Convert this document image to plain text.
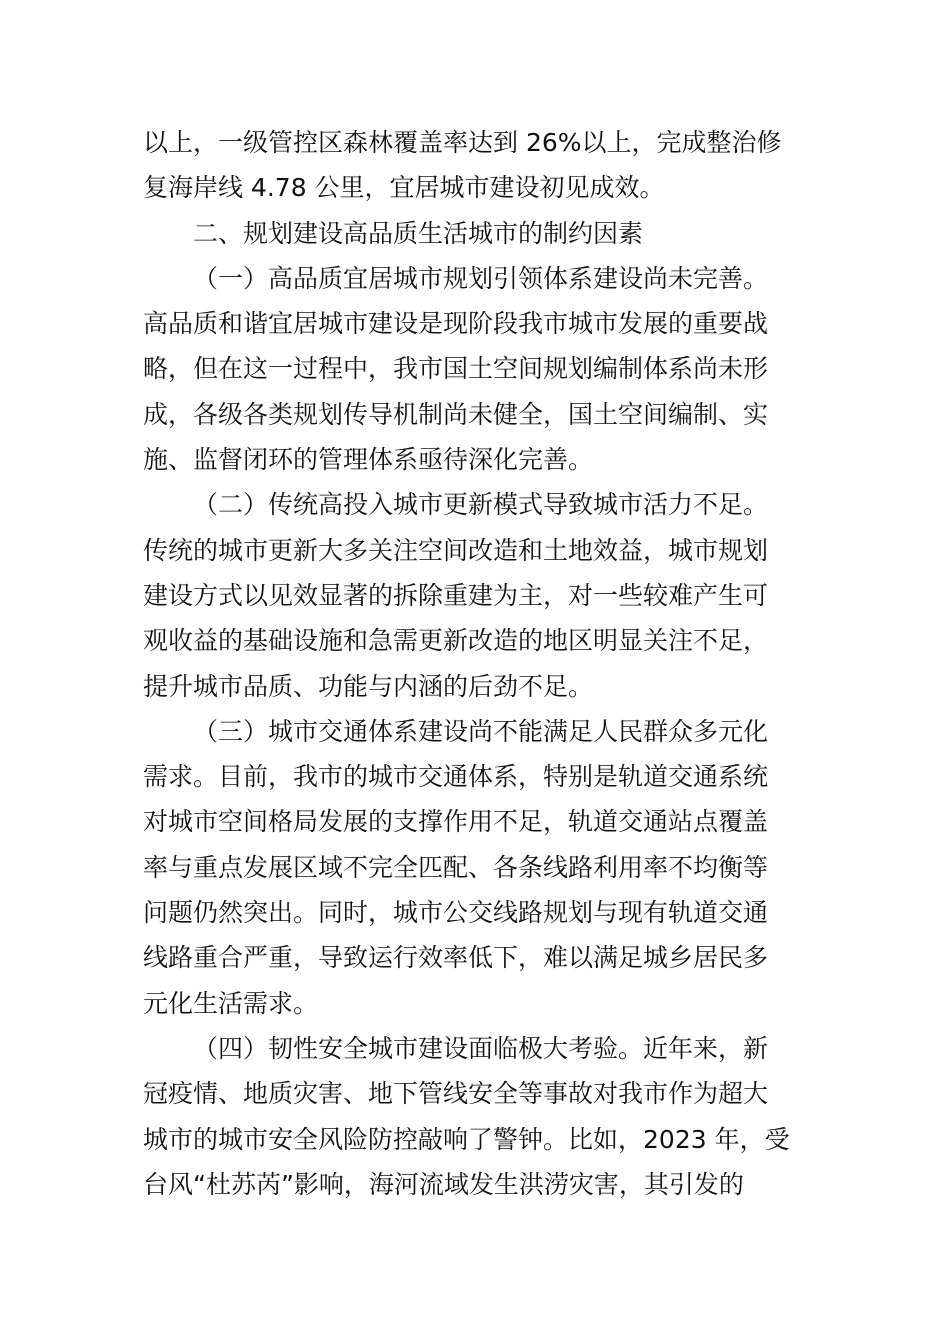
以上，一级管控区森林覆盖率达到 26%以上，完成整治修
复海岸线 4.78 公里，宜居城市建设初见成效。
二、规划建设高品质生活城市的制约因素
（一）高品质宜居城市规划引领体系建设尚未完善。
高品质和谐宜居城市建设是现阶段我市城市发展的重要战
略，但在这一过程中，我市国土空间规划编制体系尚未形
成，各级各类规划传导机制尚未健全，国土空间编制、实
施、监督闭环的管理体系亟待深化完善。
（二）传统高投入城市更新模式导致城市活力不足。
传统的城市更新大多关注空间改造和土地效益，城市规划
建设方式以见效显著的拆除重建为主，对一些较难产生可
观收益的基础设施和急需更新改造的地区明显关注不足，
提升城市品质、功能与内涵的后劲不足。
（三）城市交通体系建设尚不能满足人民群众多元化
需求。目前，我市的城市交通体系，特别是轨道交通系统
对城市空间格局发展的支撑作用不足，轨道交通站点覆盖
率与重点发展区域不完全匹配、各条线路利用率不均衡等
问题仍然突出。同时，城市公交线路规划与现有轨道交通
线路重合严重，导致运行效率低下，难以满足城乡居民多
元化生活需求。
（四）韧性安全城市建设面临极大考验。近年来，新
冠疫情、地质灾害、地下管线安全等事故对我市作为超大
城市的城市安全风险防控敲响了警钟。比如，2023 年，受
台风“杜苏芮”影响，海河流域发生洪涝灾害，其引发的
